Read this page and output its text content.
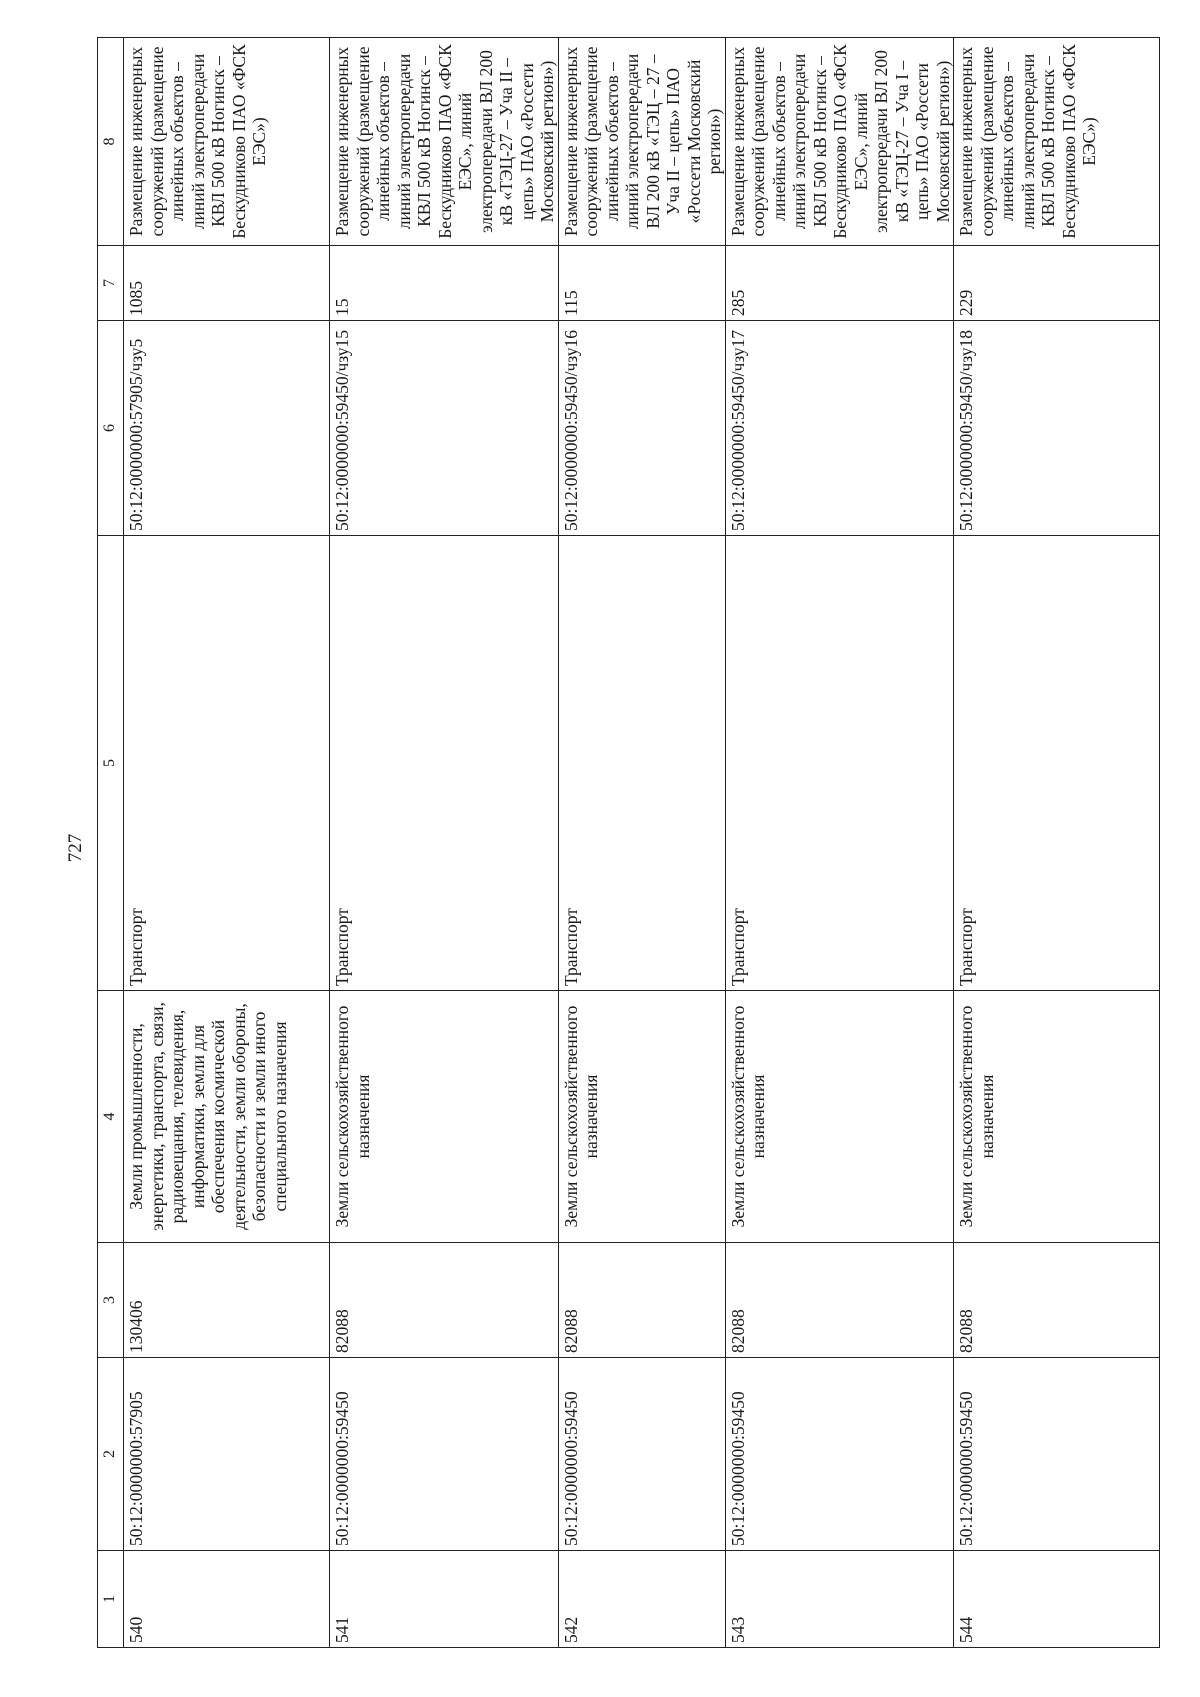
727
1	2	3	4	5	6	7	8

540	50:12:0000000:57905	130406	Земли промышленности, энергетики, транспорта, связи, радиовещания, телевидения, информатики, земли для обеспечения космической деятельности, земли обороны, безопасности и земли иного специального назначения	Транспорт	50:12:0000000:57905/чзу5	1085	Размещение инженерных сооружений (размещение линейных объектов – линий электропередачи КВЛ 500 кВ Ногинск – Бескудниково ПАО «ФСК ЕЭС»)

541	50:12:0000000:59450	82088	Земли сельскохозяйственного назначения	Транспорт	50:12:0000000:59450/чзу15	15	Размещение инженерных сооружений (размещение линейных объектов – линий электропередачи КВЛ 500 кВ Ногинск – Бескудниково ПАО «ФСК ЕЭС», линий электропередачи ВЛ 200 кВ «ТЭЦ-27 – Уча II – цепь» ПАО «Россети Московский регион»)

542	50:12:0000000:59450	82088	Земли сельскохозяйственного назначения	Транспорт	50:12:0000000:59450/чзу16	115	Размещение инженерных сооружений (размещение линейных объектов – линий электропередачи ВЛ 200 кВ «ТЭЦ – 27 – Уча II – цепь» ПАО «Россети Московский регион»)

543	50:12:0000000:59450	82088	Земли сельскохозяйственного назначения	Транспорт	50:12:0000000:59450/чзу17	285	Размещение инженерных сооружений (размещение линейных объектов – линий электропередачи КВЛ 500 кВ Ногинск – Бескудниково ПАО «ФСК ЕЭС», линий электропередачи ВЛ 200 кВ «ТЭЦ-27 – Уча I – цепь» ПАО «Россети Московский регион»)

544	50:12:0000000:59450	82088	Земли сельскохозяйственного назначения	Транспорт	50:12:0000000:59450/чзу18	229	Размещение инженерных сооружений (размещение линейных объектов – линий электропередачи КВЛ 500 кВ Ногинск – Бескудниково ПАО «ФСК ЕЭС»)
